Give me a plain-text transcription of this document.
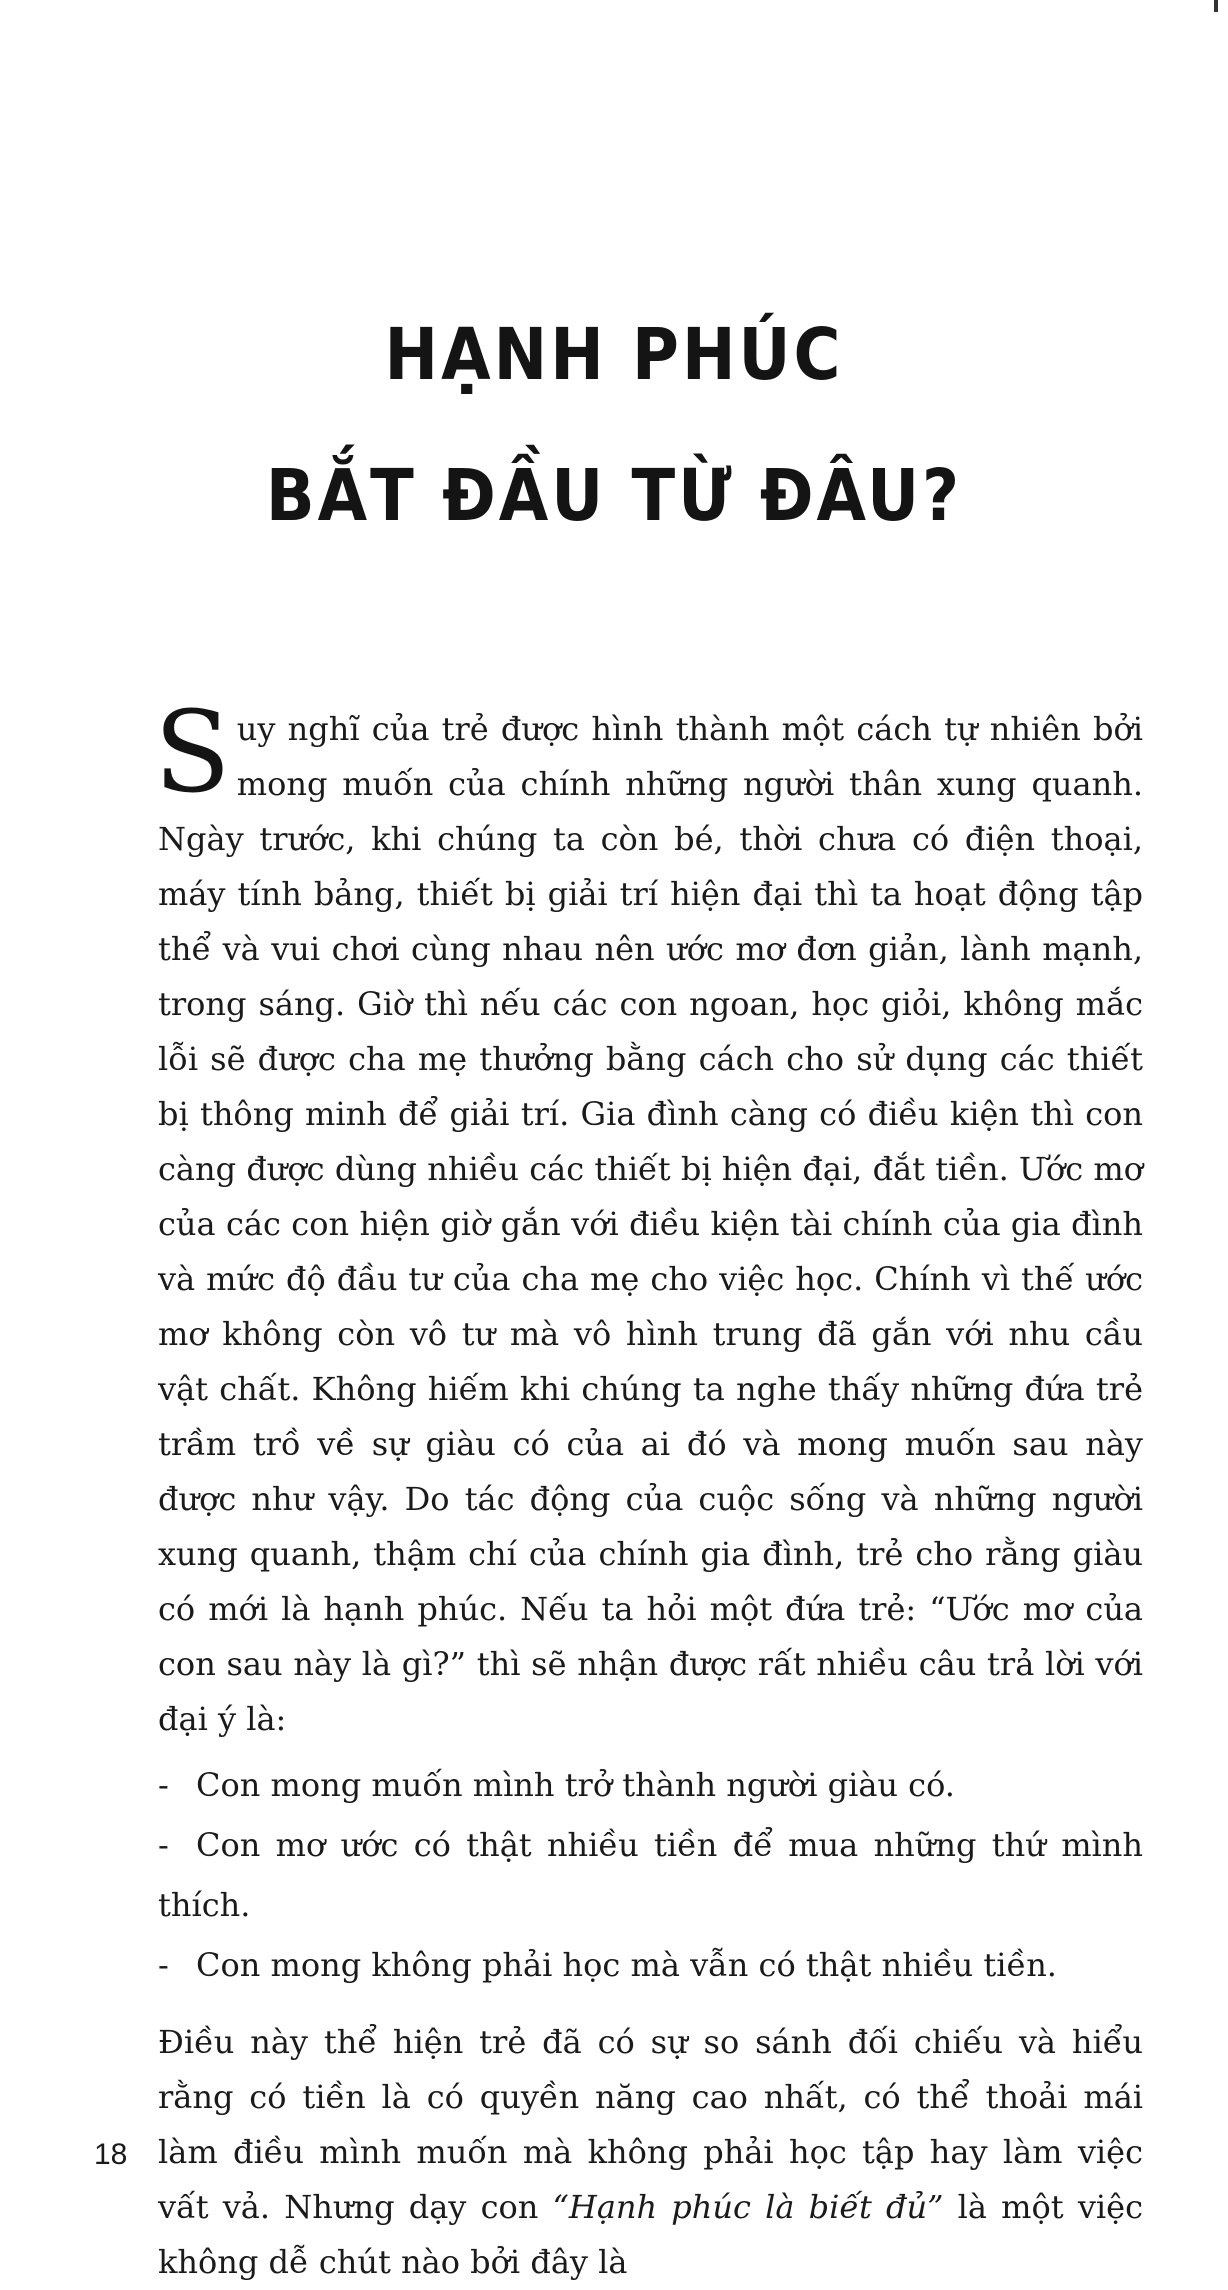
HẠNH PHÚC
BẮT ĐẦU TỪ ĐÂU?

Suy nghĩ của trẻ được hình thành một cách tự nhiên bởi mong muốn của chính những người thân xung quanh. Ngày trước, khi chúng ta còn bé, thời chưa có điện thoại, máy tính bảng, thiết bị giải trí hiện đại thì ta hoạt động tập thể và vui chơi cùng nhau nên ước mơ đơn giản, lành mạnh, trong sáng. Giờ thì nếu các con ngoan, học giỏi, không mắc lỗi sẽ được cha mẹ thưởng bằng cách cho sử dụng các thiết bị thông minh để giải trí. Gia đình càng có điều kiện thì con càng được dùng nhiều các thiết bị hiện đại, đắt tiền. Ước mơ của các con hiện giờ gắn với điều kiện tài chính của gia đình và mức độ đầu tư của cha mẹ cho việc học. Chính vì thế ước mơ không còn vô tư mà vô hình trung đã gắn với nhu cầu vật chất. Không hiếm khi chúng ta nghe thấy những đứa trẻ trầm trồ về sự giàu có của ai đó và mong muốn sau này được như vậy. Do tác động của cuộc sống và những người xung quanh, thậm chí của chính gia đình, trẻ cho rằng giàu có mới là hạnh phúc. Nếu ta hỏi một đứa trẻ: “Ước mơ của con sau này là gì?” thì sẽ nhận được rất nhiều câu trả lời với đại ý là:

- Con mong muốn mình trở thành người giàu có.
- Con mơ ước có thật nhiều tiền để mua những thứ mình thích.
- Con mong không phải học mà vẫn có thật nhiều tiền.

Điều này thể hiện trẻ đã có sự so sánh đối chiếu và hiểu rằng có tiền là có quyền năng cao nhất, có thể thoải mái làm điều mình muốn mà không phải học tập hay làm việc vất vả. Nhưng dạy con “Hạnh phúc là biết đủ” là một việc không dễ chút nào bởi đây là

18
